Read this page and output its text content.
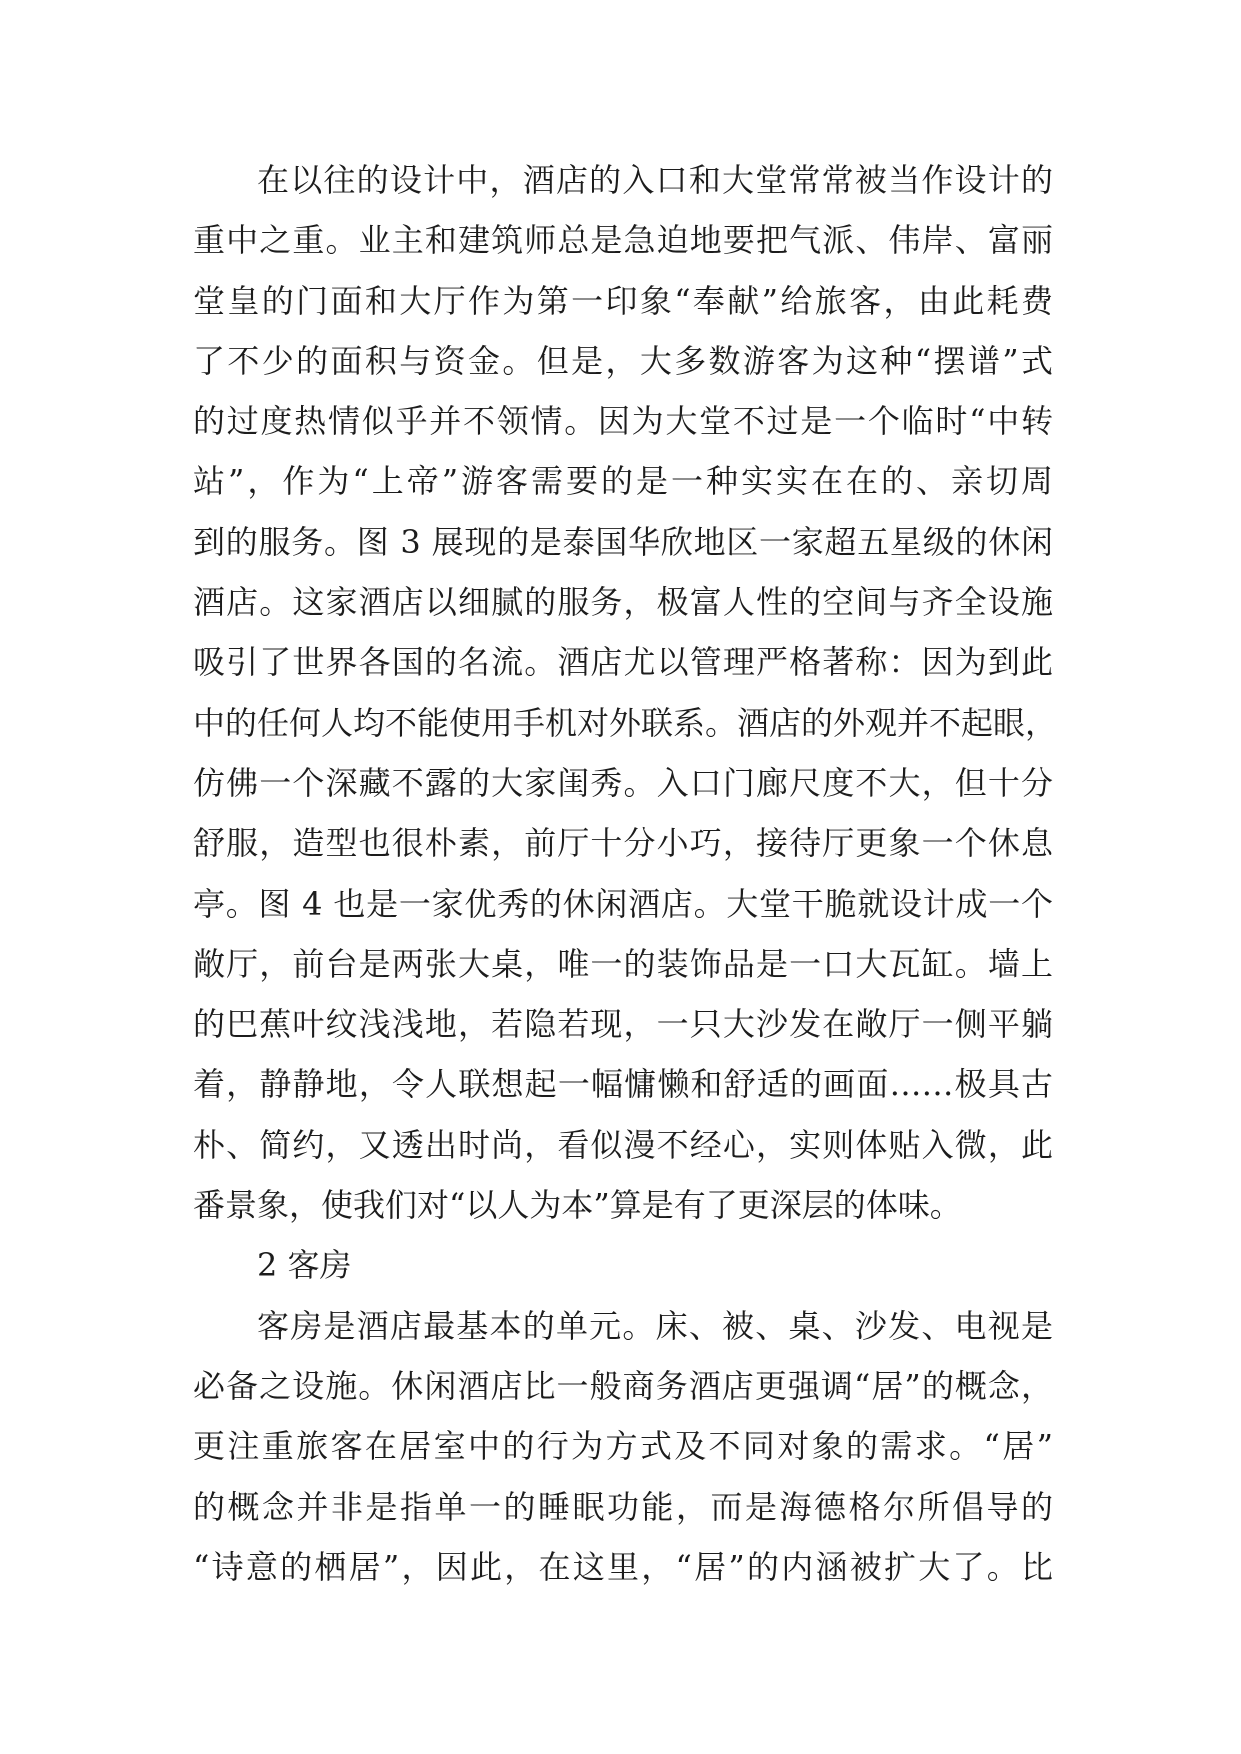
在以往的设计中，酒店的入口和大堂常常被当作设计的
重中之重。业主和建筑师总是急迫地要把气派、伟岸、富丽
堂皇的门面和大厅作为第一印象“奉献”给旅客，由此耗费
了不少的面积与资金。但是，大多数游客为这种“摆谱”式
的过度热情似乎并不领情。因为大堂不过是一个临时“中转
站”，作为“上帝”游客需要的是一种实实在在的、亲切周
到的服务。图 3 展现的是泰国华欣地区一家超五星级的休闲
酒店。这家酒店以细腻的服务，极富人性的空间与齐全设施
吸引了世界各国的名流。酒店尤以管理严格著称：因为到此
中的任何人均不能使用手机对外联系。酒店的外观并不起眼，
仿佛一个深藏不露的大家闺秀。入口门廊尺度不大，但十分
舒服，造型也很朴素，前厅十分小巧，接待厅更象一个休息
亭。图 4 也是一家优秀的休闲酒店。大堂干脆就设计成一个
敞厅，前台是两张大桌，唯一的装饰品是一口大瓦缸。墙上
的巴蕉叶纹浅浅地，若隐若现，一只大沙发在敞厅一侧平躺
着，静静地，令人联想起一幅慵懒和舒适的画面……极具古
朴、简约，又透出时尚，看似漫不经心，实则体贴入微，此
番景象，使我们对“以人为本”算是有了更深层的体味。
2 客房
客房是酒店最基本的单元。床、被、桌、沙发、电视是
必备之设施。休闲酒店比一般商务酒店更强调“居”的概念，
更注重旅客在居室中的行为方式及不同对象的需求。“居”
的概念并非是指单一的睡眠功能，而是海德格尔所倡导的
“诗意的栖居”，因此，在这里，“居”的内涵被扩大了。比
